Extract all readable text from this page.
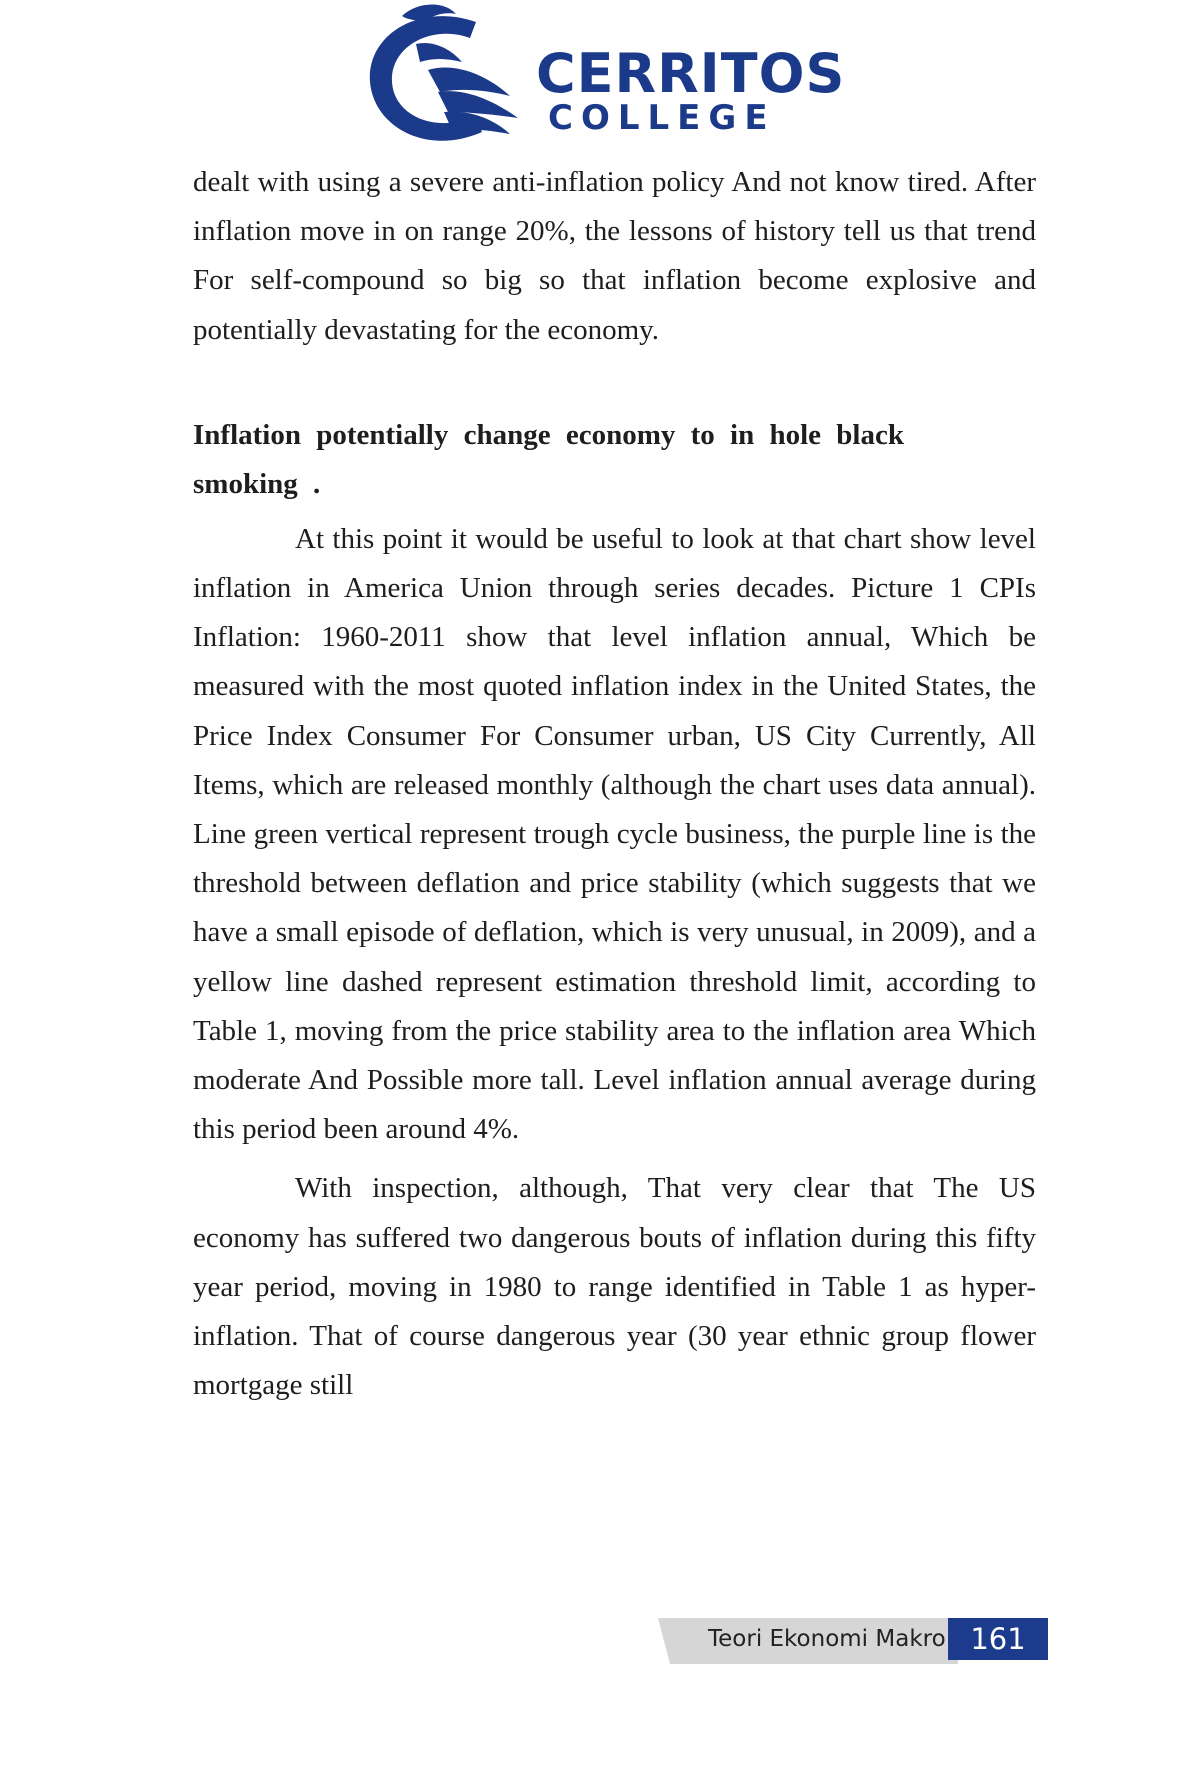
CERRITOS
COLLEGE

dealt with using a severe anti-inflation policy And not know tired. After inflation move in on range 20%, the lessons of history tell us that trend For self-compound so big so that inflation become explosive and potentially devastating for the economy.

Inflation potentially change economy to in hole black smoking .

At this point it would be useful to look at that chart show level inflation in America Union through series decades. Picture 1 CPIs Inflation: 1960-2011 show that level inflation annual, Which be measured with the most quoted inflation index in the United States, the Price Index Consumer For Consumer urban, US City Currently, All Items, which are released monthly (although the chart uses data annual). Line green vertical represent trough cycle business, the purple line is the threshold between deflation and price stability (which suggests that we have a small episode of deflation, which is very unusual, in 2009), and a yellow line dashed represent estimation threshold limit, according to Table 1, moving from the price stability area to the inflation area Which moderate And Possible more tall. Level inflation annual average during this period been around 4%.

With inspection, although, That very clear that The US economy has suffered two dangerous bouts of inflation during this fifty year period, moving in 1980 to range identified in Table 1 as hyper-inflation. That of course dangerous year (30 year ethnic group flower mortgage still

Teori Ekonomi Makro 161
